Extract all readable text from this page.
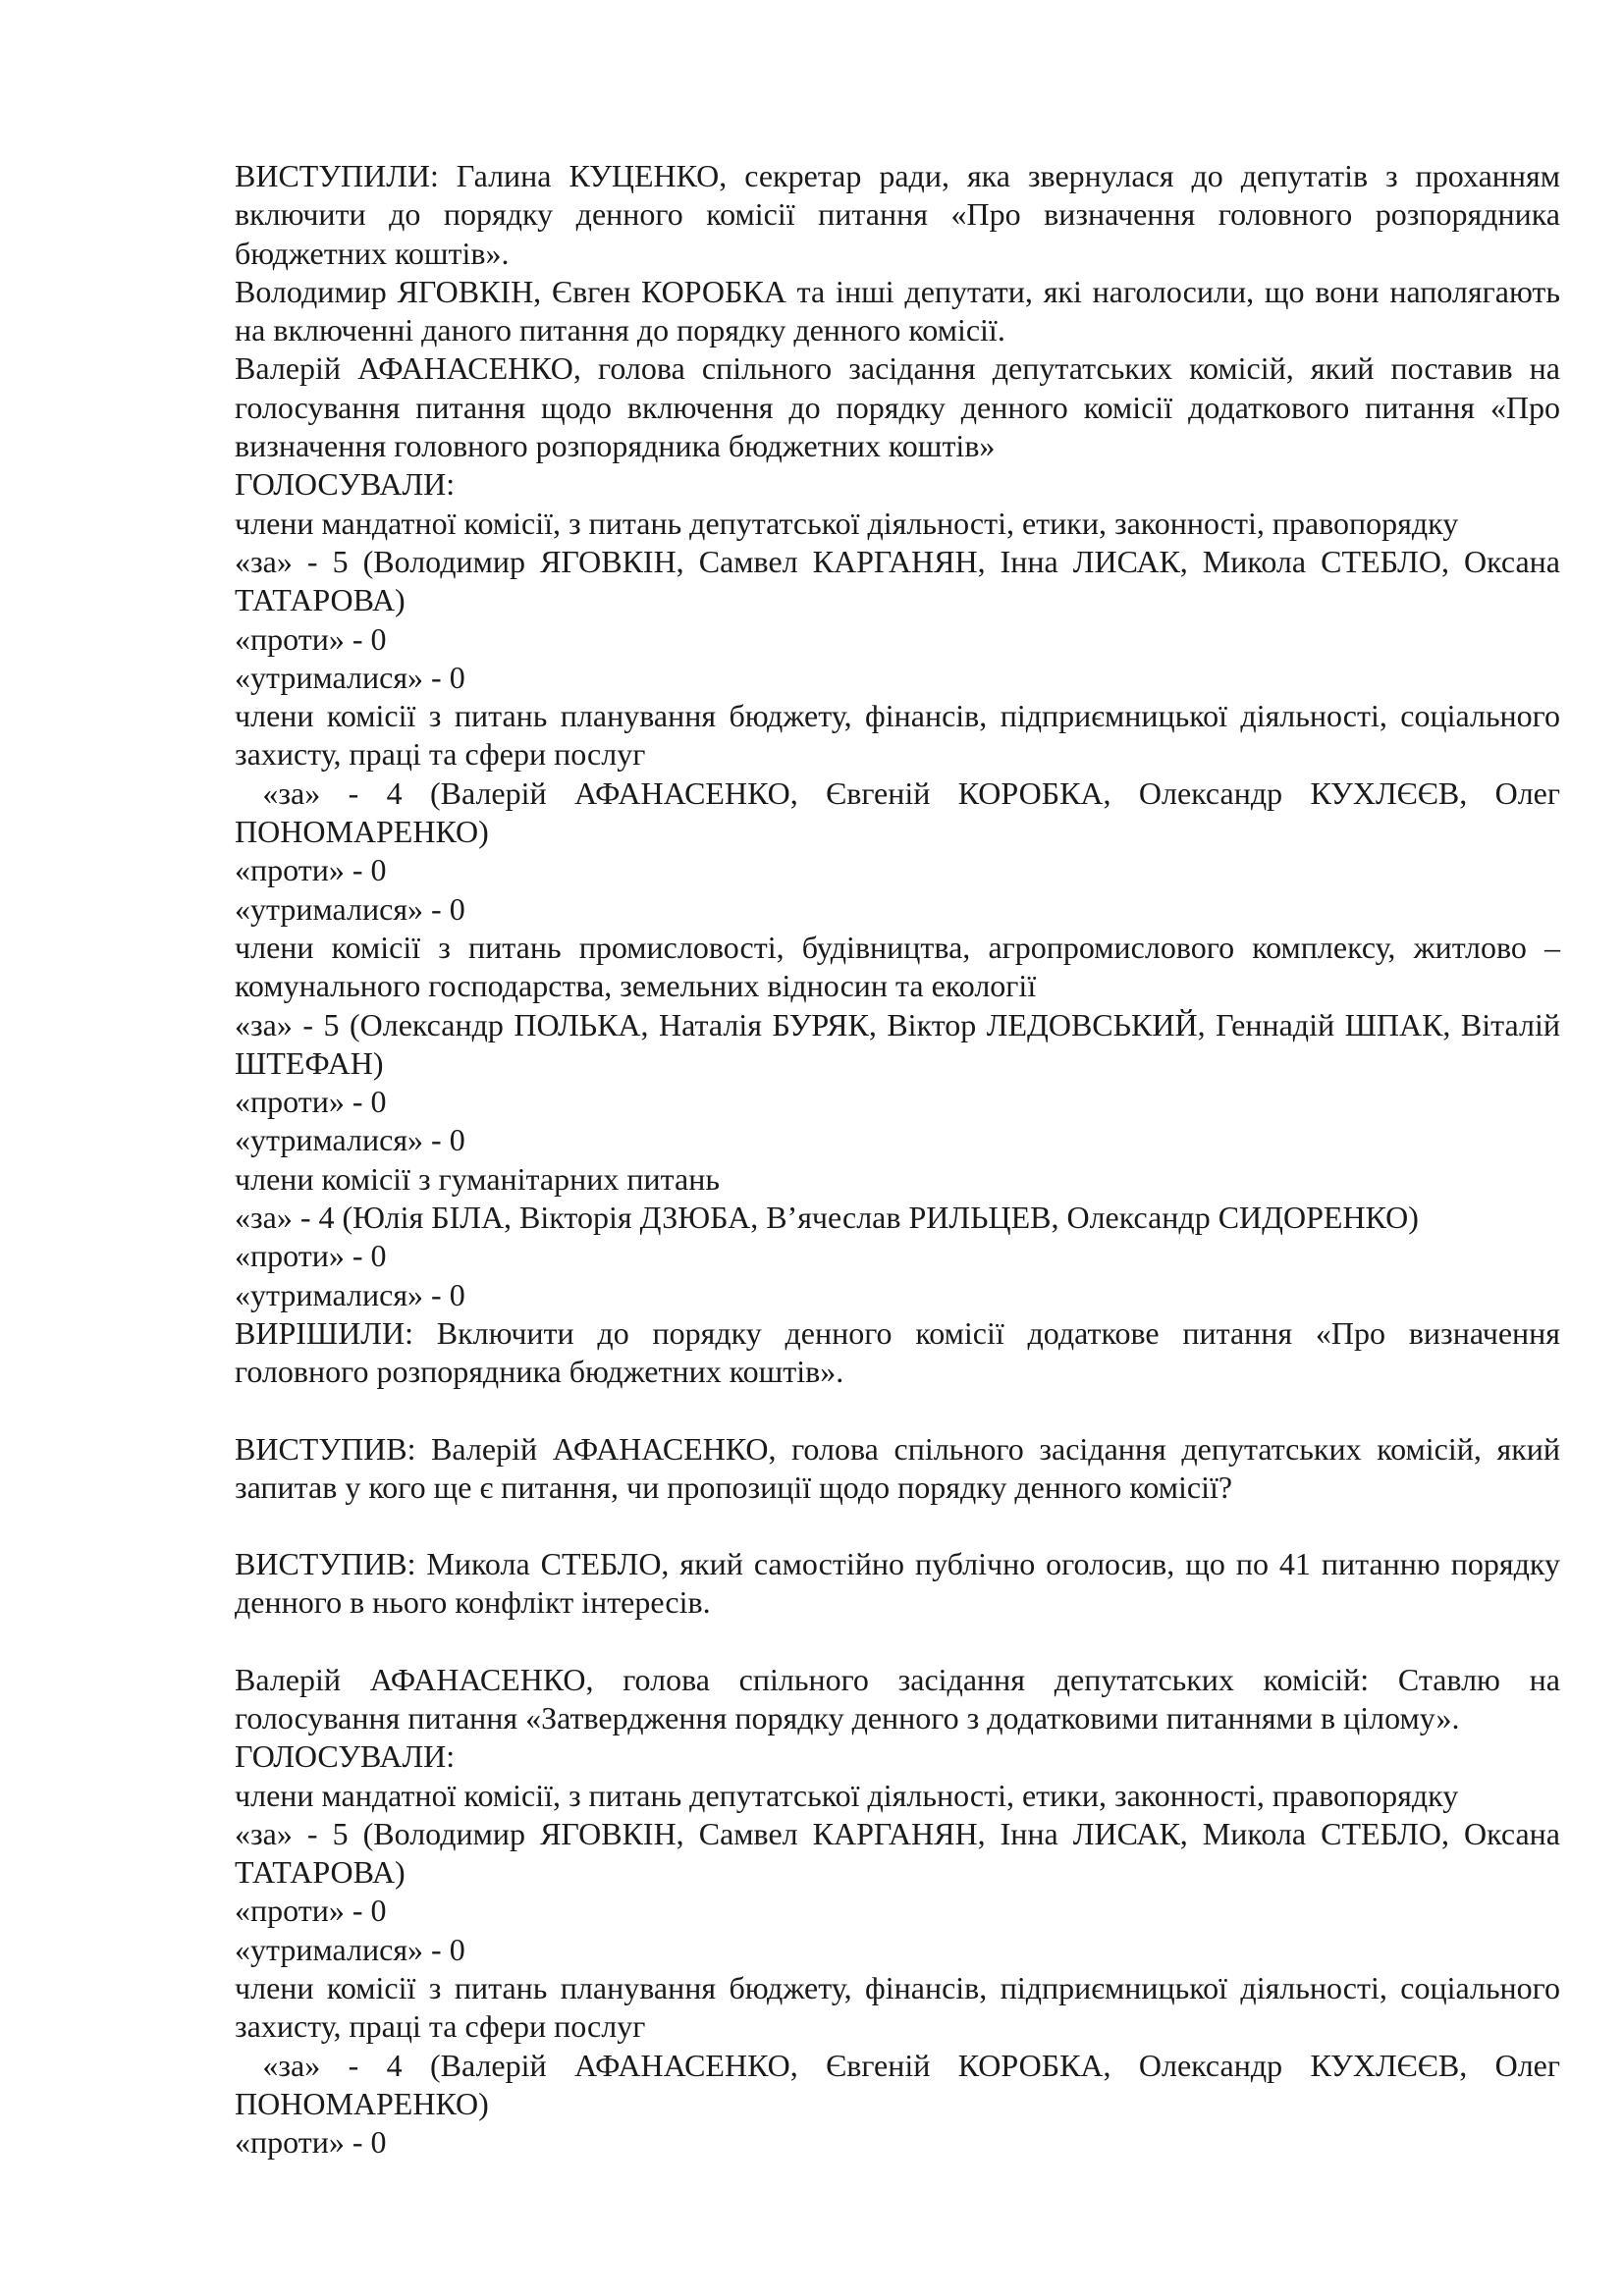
ВИСТУПИЛИ: Галина КУЦЕНКО, секретар ради, яка звернулася до депутатів з проханням включити до порядку денного комісії питання «Про визначення головного розпорядника бюджетних коштів».

Володимир ЯГОВКІН, Євген КОРОБКА та інші депутати, які наголосили, що вони наполягають на включенні даного питання до порядку денного комісії.

Валерій АФАНАСЕНКО, голова спільного засідання депутатських комісій, який поставив на голосування питання щодо включення до порядку денного комісії додаткового питання «Про визначення головного розпорядника бюджетних коштів»

ГОЛОСУВАЛИ:

члени мандатної комісії, з питань депутатської діяльності, етики, законності, правопорядку

«за» - 5 (Володимир ЯГОВКІН, Самвел КАРГАНЯН, Інна ЛИСАК, Микола СТЕБЛО, Оксана ТАТАРОВА)

«проти» - 0

«утрималися» - 0

члени комісії з питань планування бюджету, фінансів, підприємницької діяльності, соціального захисту, праці та сфери послуг

«за» - 4 (Валерій АФАНАСЕНКО, Євгеній КОРОБКА, Олександр КУХЛЄЄВ, Олег ПОНОМАРЕНКО)

«проти» - 0

«утрималися» - 0

члени комісії з питань промисловості, будівництва, агропромислового комплексу, житлово – комунального господарства, земельних відносин та екології

«за» - 5 (Олександр ПОЛЬКА, Наталія БУРЯК, Віктор ЛЕДОВСЬКИЙ, Геннадій ШПАК, Віталій ШТЕФАН)

«проти» - 0

«утрималися» - 0

члени комісії з гуманітарних питань

«за» - 4 (Юлія БІЛА, Вікторія ДЗЮБА, В’ячеслав РИЛЬЦЕВ, Олександр СИДОРЕНКО)

«проти» - 0

«утрималися» - 0

ВИРІШИЛИ: Включити до порядку денного комісії додаткове питання «Про визначення головного розпорядника бюджетних коштів».

ВИСТУПИВ: Валерій АФАНАСЕНКО, голова спільного засідання депутатських комісій, який запитав у кого ще є питання, чи пропозиції щодо порядку денного комісії?

ВИСТУПИВ: Микола СТЕБЛО, який самостійно публічно оголосив, що по 41 питанню порядку денного в нього конфлікт інтересів.

Валерій АФАНАСЕНКО, голова спільного засідання депутатських комісій: Ставлю на голосування питання «Затвердження порядку денного з додатковими питаннями в цілому».

ГОЛОСУВАЛИ:

члени мандатної комісії, з питань депутатської діяльності, етики, законності, правопорядку

«за» - 5 (Володимир ЯГОВКІН, Самвел КАРГАНЯН, Інна ЛИСАК, Микола СТЕБЛО, Оксана ТАТАРОВА)

«проти» - 0

«утрималися» - 0

члени комісії з питань планування бюджету, фінансів, підприємницької діяльності, соціального захисту, праці та сфери послуг

«за» - 4 (Валерій АФАНАСЕНКО, Євгеній КОРОБКА, Олександр КУХЛЄЄВ, Олег ПОНОМАРЕНКО)

«проти» - 0
